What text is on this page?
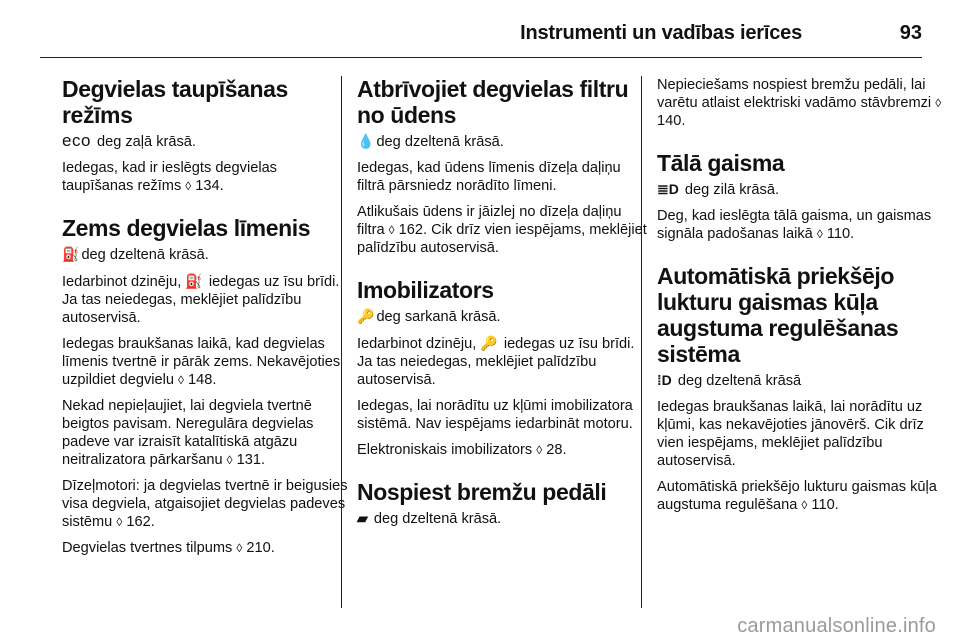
Instrumenti un vadības ierīces	93
Degvielas taupīšanas režīms

eco deg zaļā krāsā.

Iedegas, kad ir ieslēgts degvielas taupīšanas režīms ◊ 134.

Zems degvielas līmenis

⛽ deg dzeltenā krāsā.

Iedarbinot dzinēju, ⛽ iedegas uz īsu brīdi. Ja tas neiedegas, meklējiet palīdzību autoservisā.

Iedegas braukšanas laikā, kad degvielas līmenis tvertnē ir pārāk zems. Nekavējoties uzpildiet degvielu ◊ 148.

Nekad nepieļaujiet, lai degviela tvertnē beigtos pavisam. Neregulāra degvielas padeve var izraisīt katalītiskā atgāzu neitralizatora pārkaršanu ◊ 131.

Dīzeļmotori: ja degvielas tvertnē ir beigusies visa degviela, atgaisojiet degvielas padeves sistēmu ◊ 162.

Degvielas tvertnes tilpums ◊ 210.

Atbrīvojiet degvielas filtru no ūdens

💧 deg dzeltenā krāsā.

Iedegas, kad ūdens līmenis dīzeļa daļiņu filtrā pārsniedz norādīto līmeni.

Atlikušais ūdens ir jāizlej no dīzeļa daļiņu filtra ◊ 162. Cik drīz vien iespējams, meklējiet palīdzību autoservisā.

Imobilizators

🔑 deg sarkanā krāsā.

Iedarbinot dzinēju, 🔑 iedegas uz īsu brīdi. Ja tas neiedegas, meklējiet palīdzību autoservisā.

Iedegas, lai norādītu uz kļūmi imobilizatora sistēmā. Nav iespējams iedarbināt motoru.

Elektroniskais imobilizators ◊ 28.

Nospiest bremžu pedāli

▰ deg dzeltenā krāsā.

Nepieciešams nospiest bremžu pedāli, lai varētu atlaist elektriski vadāmo stāvbremzi ◊ 140.

Tālā gaisma

≣D deg zilā krāsā.

Deg, kad ieslēgta tālā gaisma, un gaismas signāla padošanas laikā ◊ 110.

Automātiskā priekšējo lukturu gaismas kūļa augstuma regulēšanas sistēma

⁞D deg dzeltenā krāsā

Iedegas braukšanas laikā, lai norādītu uz kļūmi, kas nekavējoties jānovērš. Cik drīz vien iespējams, meklējiet palīdzību autoservisā.

Automātiskā priekšējo lukturu gaismas kūļa augstuma regulēšana ◊ 110.

carmanualsonline.info
